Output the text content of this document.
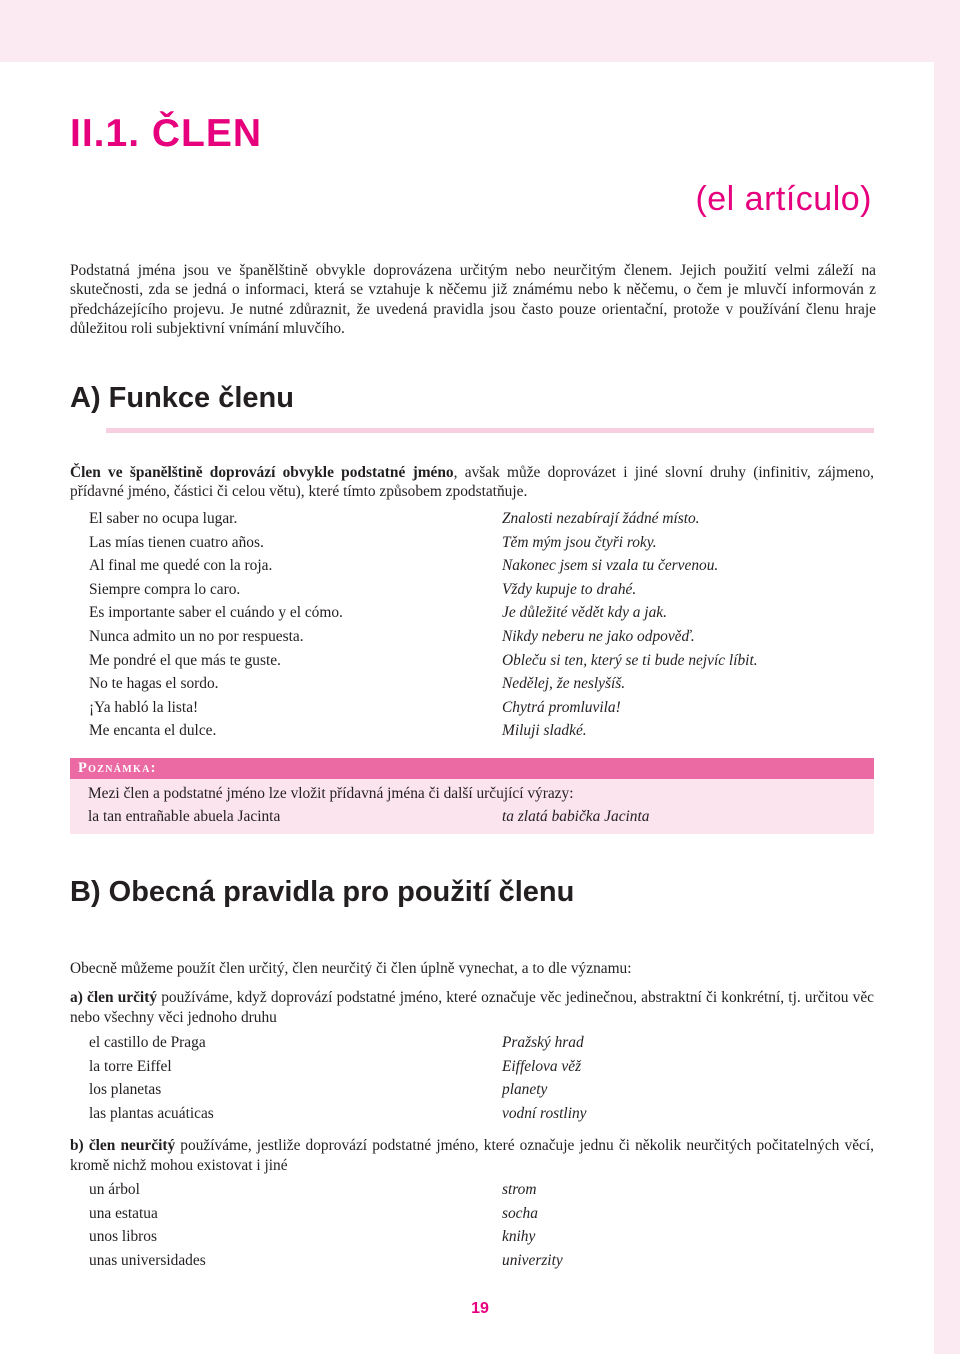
II.1. ČLEN
(el artículo)

Podstatná jména jsou ve španělštině obvykle doprovázena určitým nebo neurčitým členem. Jejich použití velmi záleží na skutečnosti, zda se jedná o informaci, která se vztahuje k něčemu již známému nebo k něčemu, o čem je mluvčí informován z předcházejícího projevu. Je nutné zdůraznit, že uvedená pravidla jsou často pouze orientační, protože v používání členu hraje důležitou roli subjektivní vnímání mluvčího.

A) Funkce členu

Člen ve španělštině doprovází obvykle podstatné jméno, avšak může doprovázet i jiné slovní druhy (infinitiv, zájmeno, přídavné jméno, částici či celou větu), které tímto způsobem zpodstatňuje.

El saber no ocupa lugar.	Znalosti nezabírají žádné místo.
Las mías tienen cuatro años.	Těm mým jsou čtyři roky.
Al final me quedé con la roja.	Nakonec jsem si vzala tu červenou.
Siempre compra lo caro.	Vždy kupuje to drahé.
Es importante saber el cuándo y el cómo.	Je důležité vědět kdy a jak.
Nunca admito un no por respuesta.	Nikdy neberu ne jako odpověď.
Me pondré el que más te guste.	Obleču si ten, který se ti bude nejvíc líbit.
No te hagas el sordo.	Nedělej, že neslyšíš.
¡Ya habló la lista!	Chytrá promluvila!
Me encanta el dulce.	Miluji sladké.
Poznámka:
Mezi člen a podstatné jméno lze vložit přídavná jména či další určující výrazy:
la tan entrañable abuela Jacinta	ta zlatá babička Jacinta
B) Obecná pravidla pro použití členu

Obecně můžeme použít člen určitý, člen neurčitý či člen úplně vynechat, a to dle významu:

a) člen určitý používáme, když doprovází podstatné jméno, které označuje věc jedinečnou, abstraktní či konkrétní, tj. určitou věc nebo všechny věci jednoho druhu
el castillo de Praga	Pražský hrad
la torre Eiffel	Eiffelova věž
los planetas	planety
las plantas acuáticas	vodní rostliny
b) člen neurčitý používáme, jestliže doprovází podstatné jméno, které označuje jednu či několik neurčitých počitatelných věcí, kromě nichž mohou existovat i jiné
un árbol	strom
una estatua	socha
unos libros	knihy
unas universidades	univerzity
19
